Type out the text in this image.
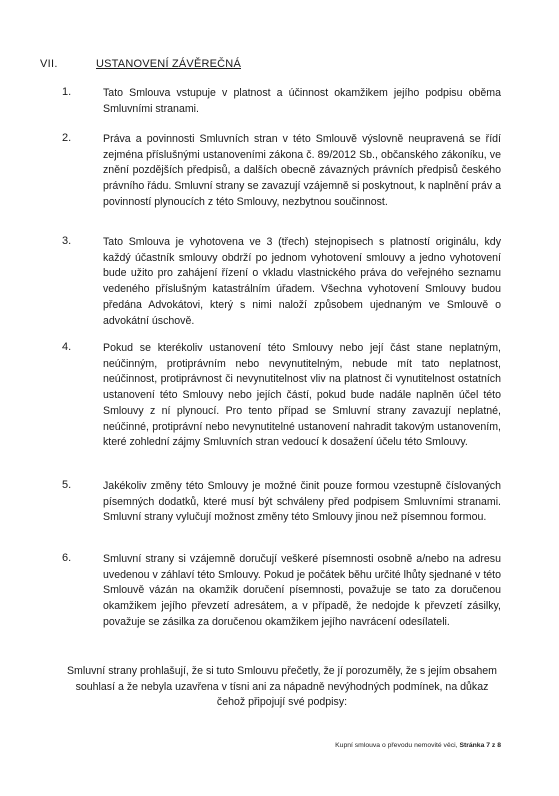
VII.	USTANOVENÍ ZÁVĚREČNÁ
1.	Tato Smlouva vstupuje v platnost a účinnost okamžikem jejího podpisu oběma Smluvními stranami.
2.	Práva a povinnosti Smluvních stran v této Smlouvě výslovně neupravená se řídí zejména příslušnými ustanoveními zákona č. 89/2012 Sb., občanského zákoníku, ve znění pozdějších předpisů, a dalších obecně závazných právních předpisů českého právního řádu. Smluvní strany se zavazují vzájemně si poskytnout, k naplnění práv a povinností plynoucích z této Smlouvy, nezbytnou součinnost.
3.	Tato Smlouva je vyhotovena ve 3 (třech) stejnopisech s platností originálu, kdy každý účastník smlouvy obdrží po jednom vyhotovení smlouvy a jedno vyhotovení bude užito pro zahájení řízení o vkladu vlastnického práva do veřejného seznamu vedeného příslušným katastrálním úřadem. Všechna vyhotovení Smlouvy budou předána Advokátovi, který s nimi naloží způsobem ujednaným ve Smlouvě o advokátní úschově.
4.	Pokud se kterékoliv ustanovení této Smlouvy nebo její část stane neplatným, neúčinným, protiprávním nebo nevynutitelným, nebude mít tato neplatnost, neúčinnost, protiprávnost či nevynutitelnost vliv na platnost či vynutitelnost ostatních ustanovení této Smlouvy nebo jejích částí, pokud bude nadále naplněn účel této Smlouvy z ní plynoucí. Pro tento případ se Smluvní strany zavazují neplatné, neúčinné, protiprávní nebo nevynutitelné ustanovení nahradit takovým ustanovením, které zohlední zájmy Smluvních stran vedoucí k dosažení účelu této Smlouvy.
5.	Jakékoliv změny této Smlouvy je možné činit pouze formou vzestupně číslovaných písemných dodatků, které musí být schváleny před podpisem Smluvními stranami. Smluvní strany vylučují možnost změny této Smlouvy jinou než písemnou formou.
6.	Smluvní strany si vzájemně doručují veškeré písemnosti osobně a/nebo na adresu uvedenou v záhlaví této Smlouvy. Pokud je počátek běhu určité lhůty sjednané v této Smlouvě vázán na okamžik doručení písemnosti, považuje se tato za doručenou okamžikem jejího převzetí adresátem, a v případě, že nedojde k převzetí zásilky, považuje se zásilka za doručenou okamžikem jejího navrácení odesílateli.
Smluvní strany prohlašují, že si tuto Smlouvu přečetly, že jí porozuměly, že s jejím obsahem souhlasí a že nebyla uzavřena v tísni ani za nápadně nevýhodných podmínek, na důkaz čehož připojují své podpisy:
Kupní smlouva o převodu nemovité věci, Stránka 7 z 8
